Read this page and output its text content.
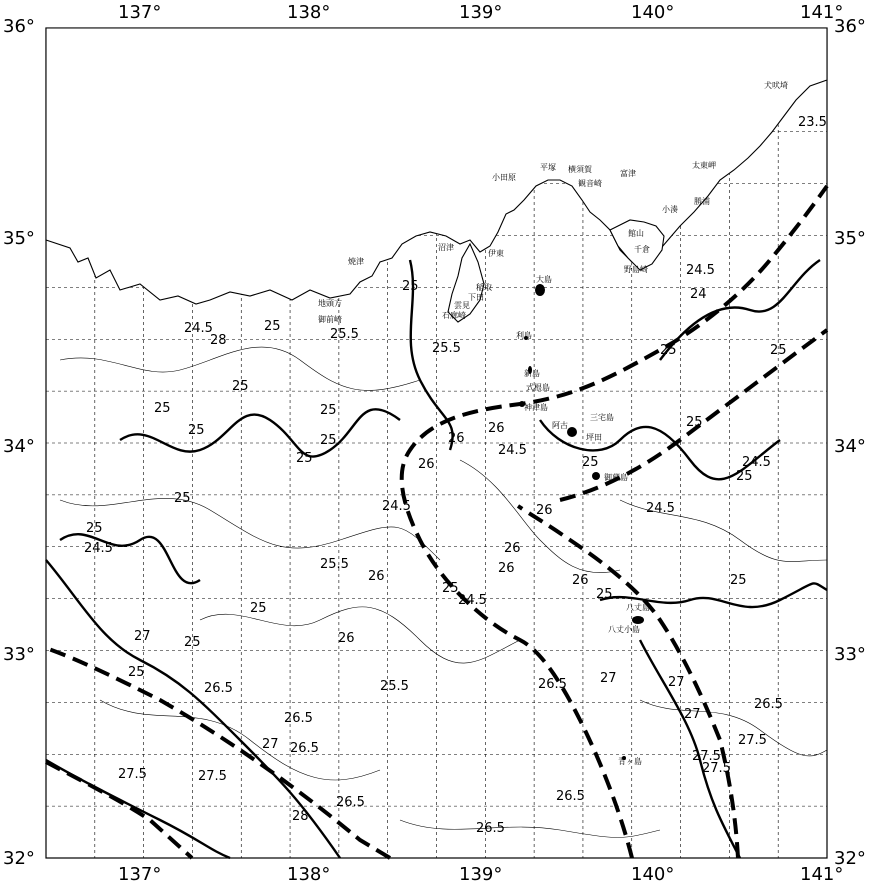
137°	138°	139°	140°	141°
137°	138°	139°	140°	141°
36°
35°
34°
33°
32°
36°
35°
34°
33°
32°
23.5
24
24.5
25
25
25
25
25
25
25
25
25
25
25
25	25
25
25
25
25
25
25
25
25.5
25.5
25.5
26
26
26
26
26
26
26	26
26
26.5	26.5
26.5
26.5
26.5
26.5
26.5
26.5
27
27
27
27
27
27.5
27.5
27.5
27.5
27.5
28
28
24.5
24.5
24.5
24.5
24.5
24.5
24.5
25
25.5
犬吠埼
太東岬
勝浦
小湊
富津
平塚 横須賀
観音崎
小田原
館山
千倉
野島崎
沼津
伊東
大島
稲取
下田
焼津
御前崎
地頭方	雲見
石廊崎
利島
新島
式根島
神津島
三宅島
阿古
坪田
御蔵島
八丈島
八丈小島
青ヶ島
